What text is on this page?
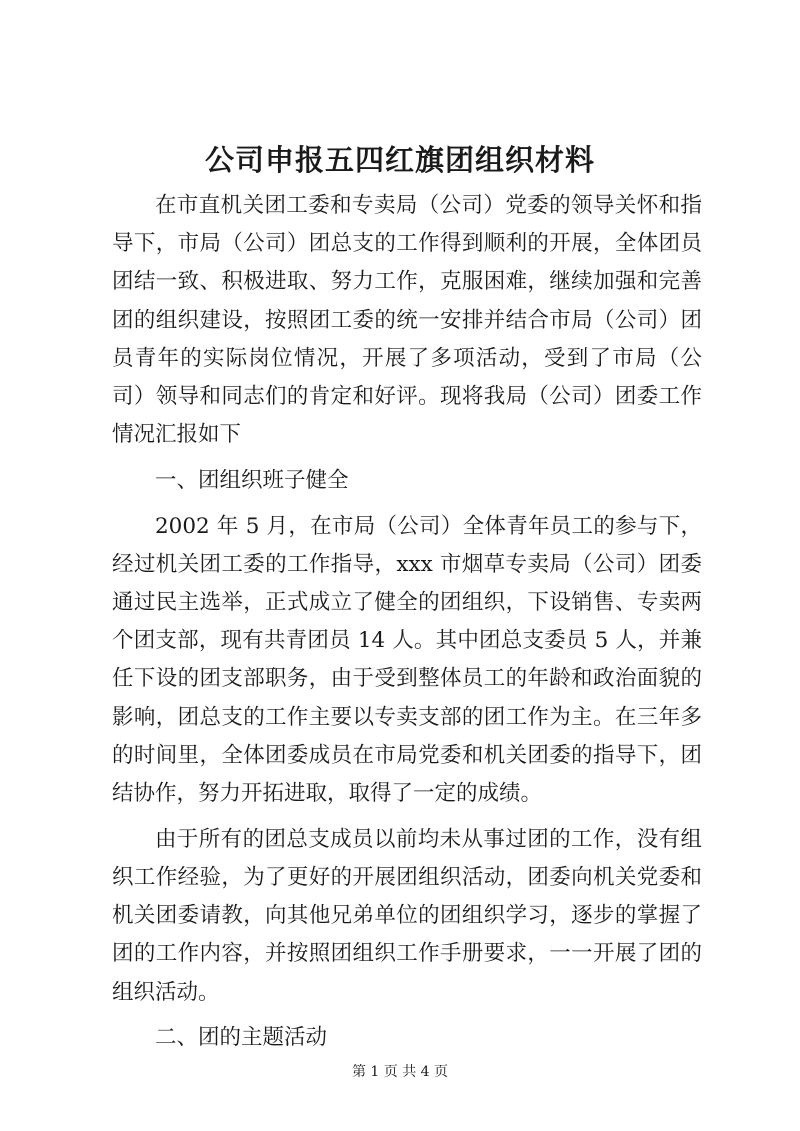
公司申报五四红旗团组织材料

在市直机关团工委和专卖局（公司）党委的领导关怀和指导下，市局（公司）团总支的工作得到顺利的开展，全体团员团结一致、积极进取、努力工作，克服困难，继续加强和完善团的组织建设，按照团工委的统一安排并结合市局（公司）团员青年的实际岗位情况，开展了多项活动，受到了市局（公司）领导和同志们的肯定和好评。现将我局（公司）团委工作情况汇报如下

一、团组织班子健全

2002 年 5 月，在市局（公司）全体青年员工的参与下，经过机关团工委的工作指导，xxx 市烟草专卖局（公司）团委通过民主选举，正式成立了健全的团组织，下设销售、专卖两个团支部，现有共青团员 14 人。其中团总支委员 5 人，并兼任下设的团支部职务，由于受到整体员工的年龄和政治面貌的影响，团总支的工作主要以专卖支部的团工作为主。在三年多的时间里，全体团委成员在市局党委和机关团委的指导下，团结协作，努力开拓进取，取得了一定的成绩。

由于所有的团总支成员以前均未从事过团的工作，没有组织工作经验，为了更好的开展团组织活动，团委向机关党委和机关团委请教，向其他兄弟单位的团组织学习，逐步的掌握了团的工作内容，并按照团组织工作手册要求，一一开展了团的组织活动。

二、团的主题活动

第 1 页 共 4 页
